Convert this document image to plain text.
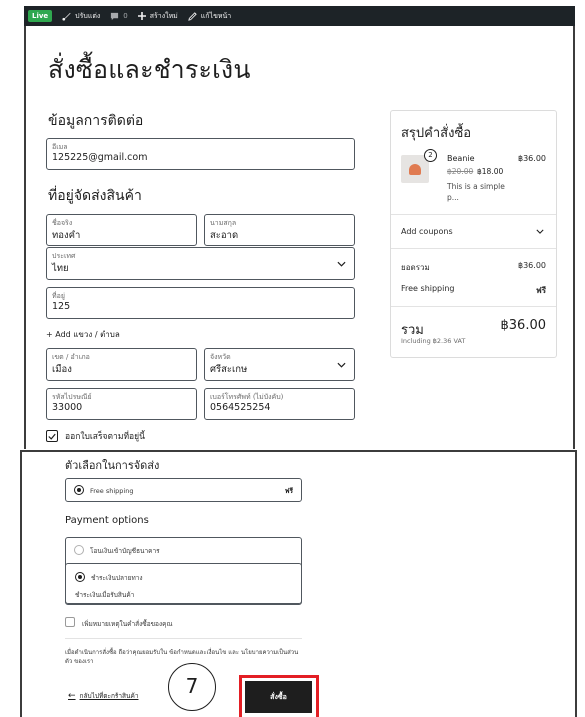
Live	ปรับแต่ง	0	สร้างใหม่	แก้ไขหน้า
สั่งซื้อและชำระเงิน
ข้อมูลการติดต่อ
อีเมล
125225@gmail.com
ที่อยู่จัดส่งสินค้า
ชื่อจริง
ทองคำ
นามสกุล
สะอาด
ประเทศ
ไทย
ที่อยู่
125
+ Add แขวง / ตำบล
เขต / อำเภอ
เมือง
จังหวัด
ศรีสะเกษ
รหัสไปรษณีย์
33000
เบอร์โทรศัพท์ (ไม่บังคับ)
0564525254
ออกใบเสร็จตามที่อยู่นี้
สรุปคำสั่งซื้อ
2	Beanie
฿20.00 ฿18.00
This is a simple p...
฿36.00
Add coupons
ยอดรวม	฿36.00
Free shipping	ฟรี
รวม	฿36.00
Including ฿2.36 VAT
ตัวเลือกในการจัดส่ง
Free shipping	ฟรี
Payment options
โอนเงินเข้าบัญชีธนาคาร
ชำระเงินปลายทาง
ชำระเงินเมื่อรับสินค้า
เพิ่มหมายเหตุในคำสั่งซื้อของคุณ
เมื่อดำเนินการสั่งซื้อ ถือว่าคุณยอมรับใน ข้อกำหนดและเงื่อนไข และ นโยบายความเป็นส่วนตัว ของเรา
← กลับไปที่ตะกร้าสินค้า	7	สั่งซื้อ
